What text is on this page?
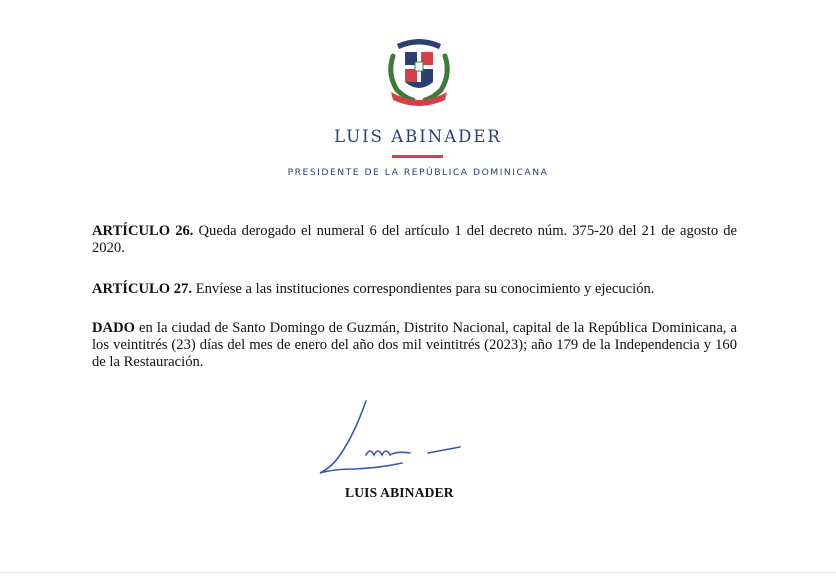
LUIS ABINADER
PRESIDENTE DE LA REPÚBLICA DOMINICANA
ARTÍCULO 26. Queda derogado el numeral 6 del artículo 1 del decreto núm. 375-20 del 21 de agosto de 2020.
ARTÍCULO 27. Envíese a las instituciones correspondientes para su conocimiento y ejecución.
DADO en la ciudad de Santo Domingo de Guzmán, Distrito Nacional, capital de la República Dominicana, a los veintitrés (23) días del mes de enero del año dos mil veintitrés (2023); año 179 de la Independencia y 160 de la Restauración.
LUIS ABINADER
